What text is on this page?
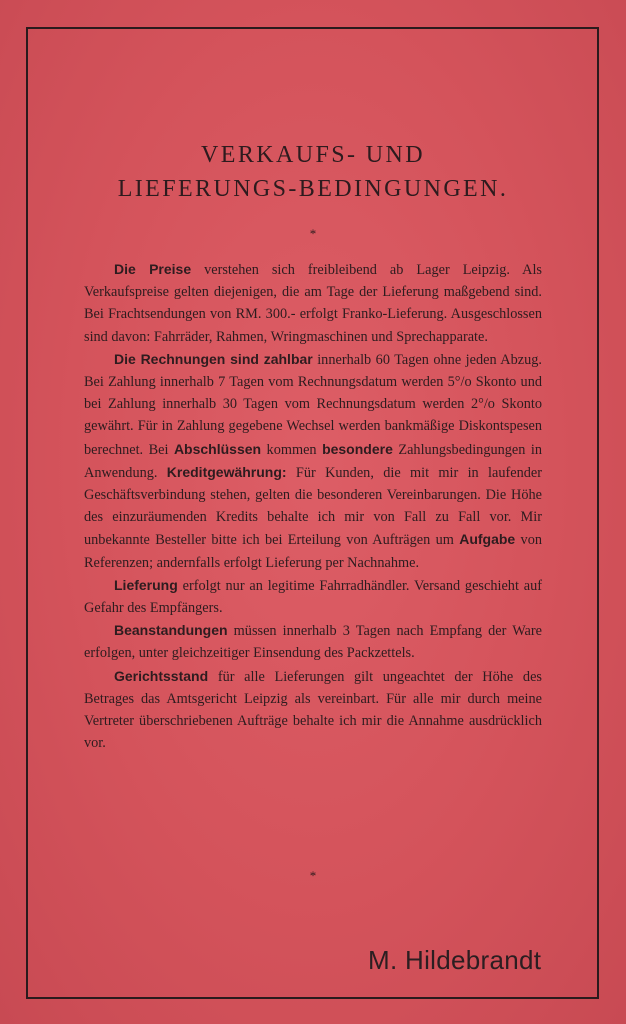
VERKAUFS- UND
LIEFERUNGS-BEDINGUNGEN.
*

Die Preise verstehen sich freibleibend ab Lager Leipzig. Als Verkaufspreise gelten diejenigen, die am Tage der Lieferung maßgebend sind. Bei Frachtsendungen von RM. 300.- erfolgt Franko-Lieferung. Ausgeschlossen sind davon: Fahrräder, Rahmen, Wringmaschinen und Sprechapparate.

Die Rechnungen sind zahlbar innerhalb 60 Tagen ohne jeden Abzug. Bei Zahlung innerhalb 7 Tagen vom Rechnungsdatum werden 5°/o Skonto und bei Zahlung innerhalb 30 Tagen vom Rechnungsdatum werden 2°/o Skonto gewährt. Für in Zahlung gegebene Wechsel werden bankmäßige Diskontspesen berechnet. Bei Abschlüssen kommen besondere Zahlungsbedingungen in Anwendung. Kreditgewährung: Für Kunden, die mit mir in laufender Geschäftsverbindung stehen, gelten die besonderen Vereinbarungen. Die Höhe des einzuräumenden Kredits behalte ich mir von Fall zu Fall vor. Mir unbekannte Besteller bitte ich bei Erteilung von Aufträgen um Aufgabe von Referenzen; andernfalls erfolgt Lieferung per Nachnahme.

Lieferung erfolgt nur an legitime Fahrradhändler. Versand geschieht auf Gefahr des Empfängers.

Beanstandungen müssen innerhalb 3 Tagen nach Empfang der Ware erfolgen, unter gleichzeitiger Einsendung des Packzettels.

Gerichtsstand für alle Lieferungen gilt ungeachtet der Höhe des Betrages das Amtsgericht Leipzig als vereinbart. Für alle mir durch meine Vertreter überschriebenen Aufträge behalte ich mir die Annahme ausdrücklich vor.

*
M. Hildebrandt
